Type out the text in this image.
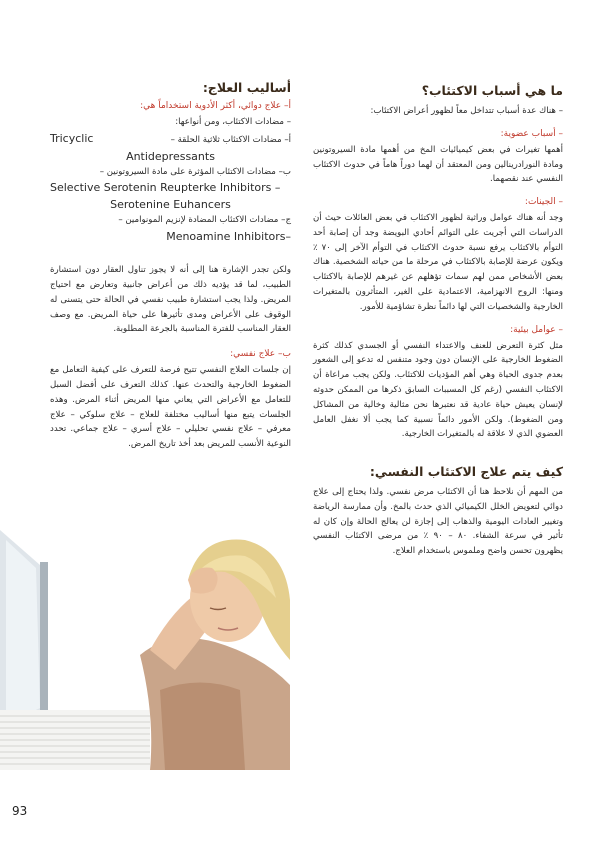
ما هي أسباب الاكتئاب؟

– هناك عدة أسباب تتداخل معاً لظهور أعراض الاكتئاب:

– أسباب عضوية:

أهمها تغيرات في بعض كيميائيات المخ من أهمها مادة السيروتونين ومادة النورادرينالين ومن المعتقد أن لهما دوراً هاماً في حدوث الاكتئاب النفسي عند نقصهما.

– الجينات:

وجد أنه هناك عوامل وراثية لظهور الاكتئاب في بعض العائلات حيث أن الدراسات التي أجريت على التوائم أحادي البويضة وجد أن إصابة أحد التوأم بالاكتئاب يرفع نسبة حدوث الاكتئاب في التوأم الآخر إلى ٧٠ ٪ ويكون عرضة للإصابة بالاكتئاب في مرحلة ما من حياته الشخصية. هناك بعض الأشخاص ممن لهم سمات تؤهلهم عن غيرهم للإصابة بالاكتئاب ومنها: الروح الانهزامية، الاعتمادية على الغير، المتأثرون بالمتغيرات الخارجية والشخصيات التي لها دائماً نظرة تشاؤمية للأمور.

– عوامل بيئية:

مثل كثرة التعرض للعنف والاعتداء النفسي أو الجسدي كذلك كثرة الضغوط الخارجية على الإنسان دون وجود متنفس له تدعو إلى الشعور بعدم جدوى الحياة وهي أهم المؤديات للاكتئاب. ولكن يجب مراعاة أن الاكتئاب النفسي (رغم كل المسببات السابق ذكرها من الممكن حدوثه لإنسان يعيش حياة عادية قد نعتبرها نحن مثالية وخالية من المشاكل ومن الضغوط). ولكن الأمور دائماً نسبية كما يجب ألا نغفل العامل العضوي الذي لا علاقة له بالمتغيرات الخارجية.

كيف يتم علاج الاكتئاب النفسي:

من المهم أن نلاحظ هنا أن الاكتئاب مرض نفسي. ولذا يحتاج إلى علاج دوائي لتعويض الخلل الكيميائي الذي حدث بالمخ. وأن ممارسة الرياضة وتغيير العادات اليومية والذهاب إلى إجازة لن يعالج الحالة وإن كان له تأثير في سرعة الشفاء. ٨٠ – ٩٠ ٪ من مرضى الاكتئاب النفسي يظهرون تحسن واضح وملموس باستخدام العلاج.

أساليب العلاج:
أ– علاج دوائي، أكثر الأدوية استخداماً هي:
– مضادات الاكتئاب، ومن أنواعها:
أ– مضادات الاكتئاب ثلاثية الحلقة –
Tricyclic
Antidepressants
ب– مضادات الاكتئاب المؤثرة على مادة السيروتونين –
Selective Serotenin Reupterke Inhibitors –
Serotenine Euhancers
ج– مضادات الاكتئاب المضادة لإنزيم المونوامين –
Menoamine Inhibitors–

ولكن تجدر الإشارة هنا إلى أنه لا يجوز تناول العقار دون استشارة الطبيب، لما قد يؤديه ذلك من أعراض جانبية وتعارض مع احتياج المريض. ولذا يجب استشارة طبيب نفسي في الحالة حتى يتسنى له الوقوف على الأعراض ومدى تأثيرها على حياة المريض. مع وصف العقار المناسب للفترة المناسبة بالجرعة المطلوبة.

ب– علاج نفسي:

إن جلسات العلاج النفسي تتيح فرصة للتعرف على كيفية التعامل مع الضغوط الخارجية والتحدث عنها. كذلك التعرف على أفضل السبل للتعامل مع الأعراض التي يعاني منها المريض أثناء المرض. وهذه الجلسات يتبع منها أساليب مختلفة للعلاج – علاج سلوكي – علاج معرفي – علاج نفسي تحليلي – علاج أسري – علاج جماعي. تحدد النوعية الأنسب للمريض بعد أخذ تاريخ المرض.

93
